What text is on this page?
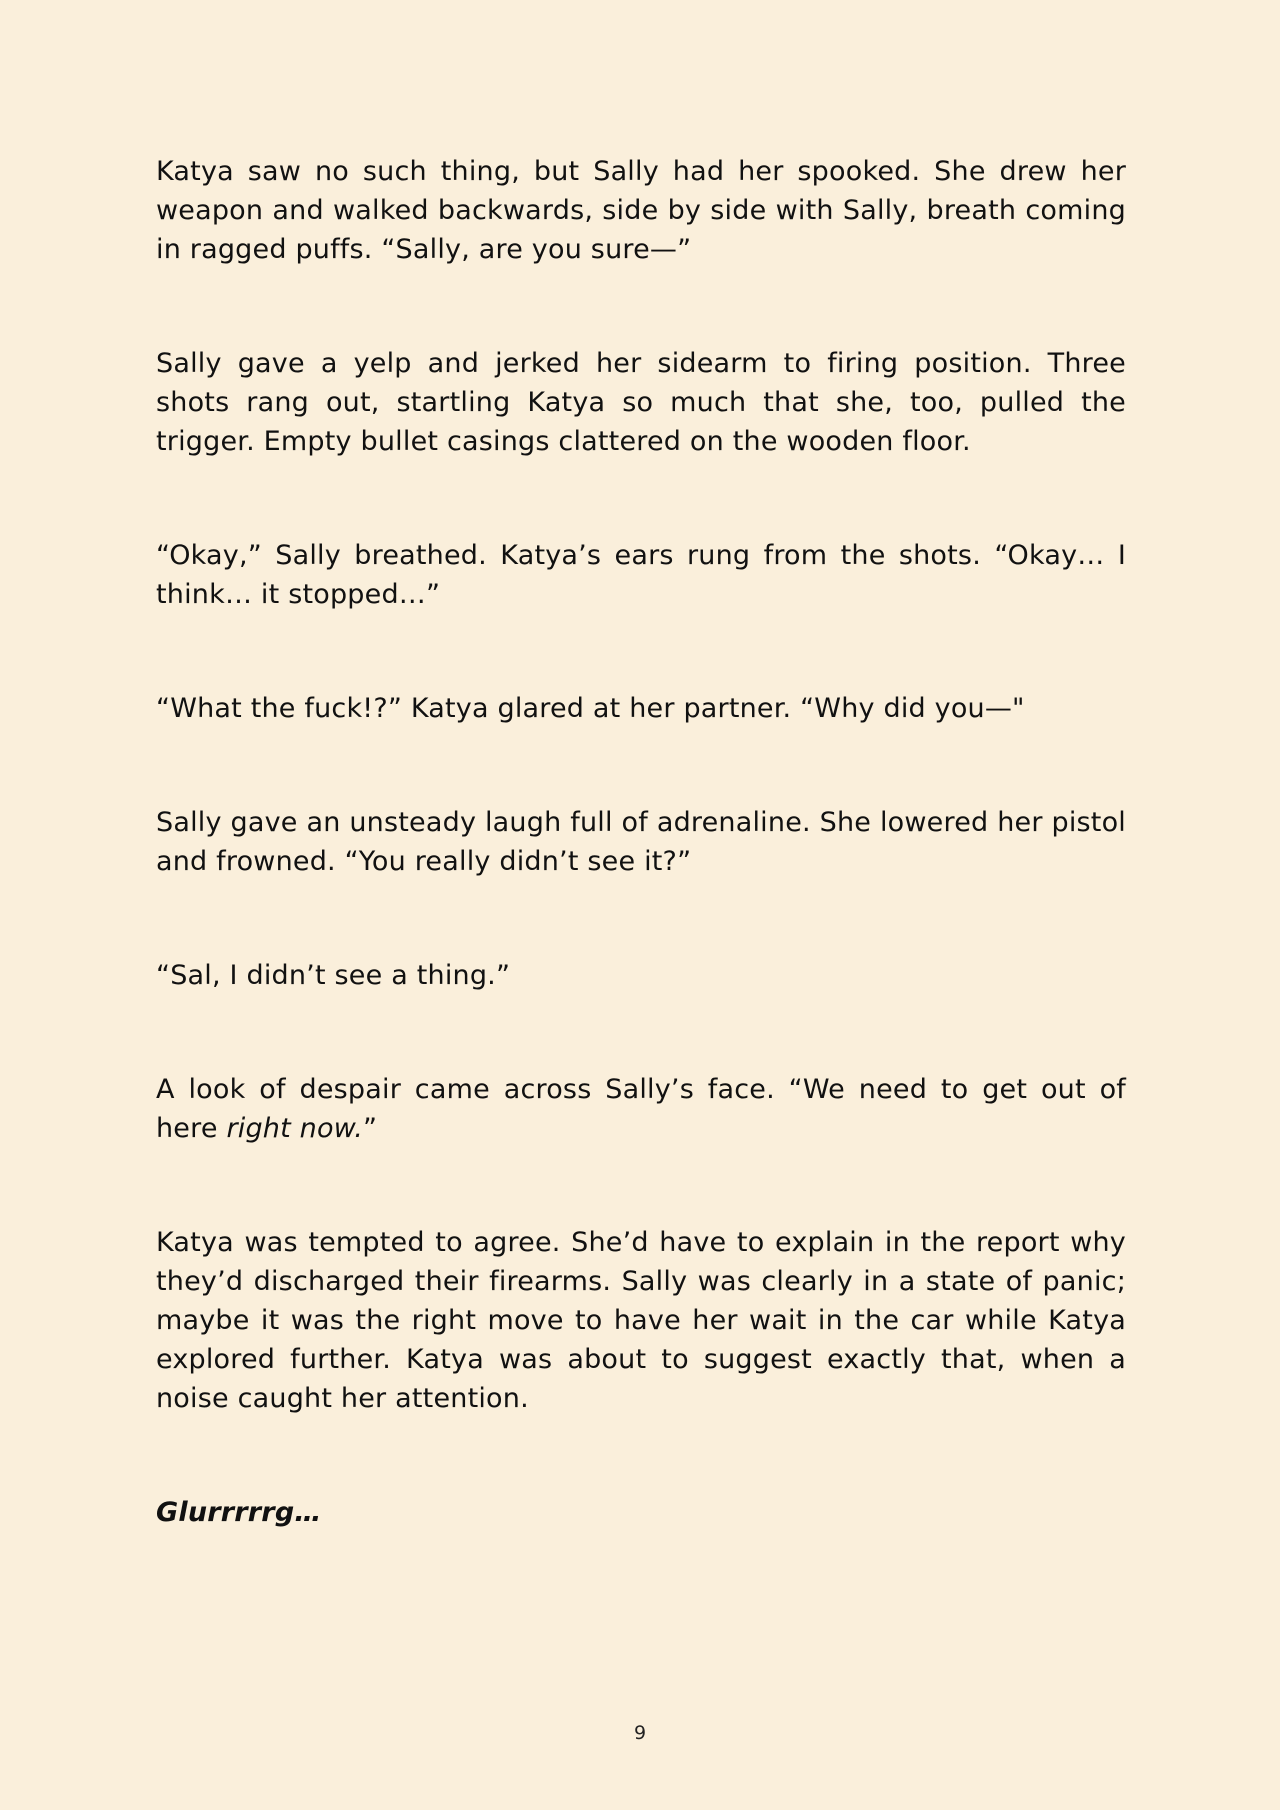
Katya saw no such thing, but Sally had her spooked. She drew her weapon and walked backwards, side by side with Sally, breath coming in ragged puffs. “Sally, are you sure—”

Sally gave a yelp and jerked her sidearm to firing position. Three shots rang out, startling Katya so much that she, too, pulled the trigger. Empty bullet casings clattered on the wooden floor.

“Okay,” Sally breathed. Katya’s ears rung from the shots. “Okay… I think… it stopped…”

“What the fuck!?” Katya glared at her partner. “Why did you—"

Sally gave an unsteady laugh full of adrenaline. She lowered her pistol and frowned. “You really didn’t see it?”

“Sal, I didn’t see a thing.”

A look of despair came across Sally’s face. “We need to get out of here right now.”

Katya was tempted to agree. She’d have to explain in the report why they’d discharged their firearms. Sally was clearly in a state of panic; maybe it was the right move to have her wait in the car while Katya explored further. Katya was about to suggest exactly that, when a noise caught her attention.

Glurrrrrg…

9
